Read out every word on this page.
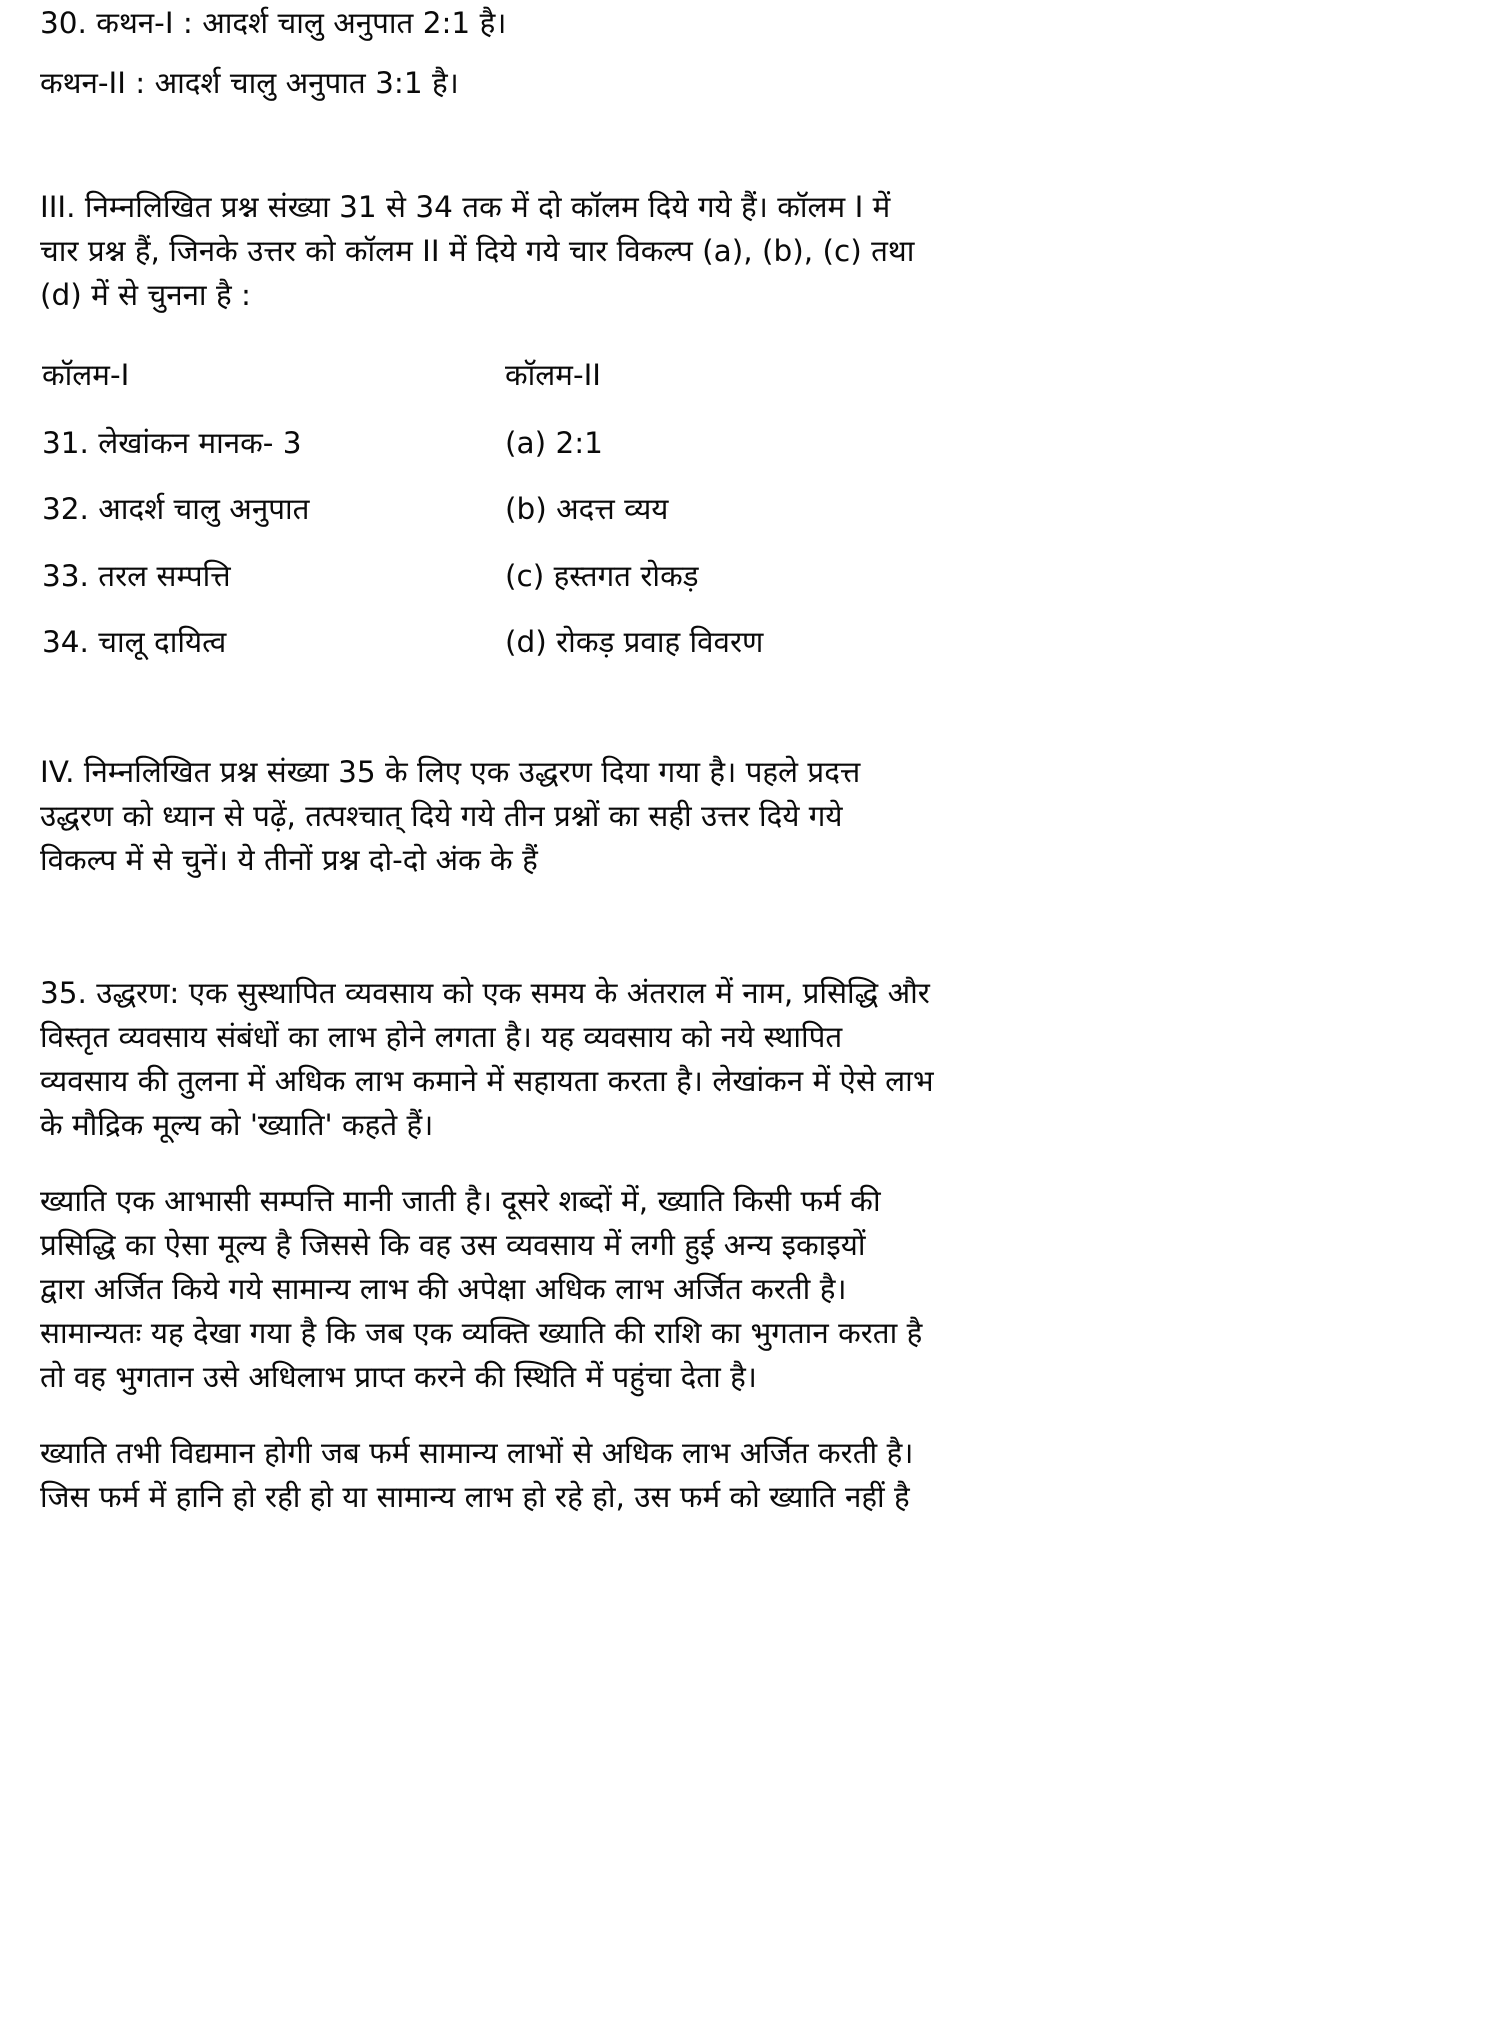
30. कथन-I : आदर्श चालु अनुपात 2:1 है।
कथन-II : आदर्श चालु अनुपात 3:1 है।
III. निम्नलिखित प्रश्न संख्या 31 से 34 तक में दो कॉलम दिये गये हैं। कॉलम I में
चार प्रश्न हैं, जिनके उत्तर को कॉलम II में दिये गये चार विकल्प (a), (b), (c) तथा
(d) में से चुनना है :
कॉलम-I	कॉलम-II
31. लेखांकन मानक- 3	(a) 2:1
32. आदर्श चालु अनुपात	(b) अदत्त व्यय
33. तरल सम्पत्ति	(c) हस्तगत रोकड़
34. चालू दायित्व	(d) रोकड़ प्रवाह विवरण
IV. निम्नलिखित प्रश्न संख्या 35 के लिए एक उद्धरण दिया गया है। पहले प्रदत्त
उद्धरण को ध्यान से पढ़ें, तत्पश्चात् दिये गये तीन प्रश्नों का सही उत्तर दिये गये
विकल्प में से चुनें। ये तीनों प्रश्न दो-दो अंक के हैं
35. उद्धरण: एक सुस्थापित व्यवसाय को एक समय के अंतराल में नाम, प्रसिद्धि और
विस्तृत व्यवसाय संबंधों का लाभ होने लगता है। यह व्यवसाय को नये स्थापित
व्यवसाय की तुलना में अधिक लाभ कमाने में सहायता करता है। लेखांकन में ऐसे लाभ
के मौद्रिक मूल्य को 'ख्याति' कहते हैं।
ख्याति एक आभासी सम्पत्ति मानी जाती है। दूसरे शब्दों में, ख्याति किसी फर्म की
प्रसिद्धि का ऐसा मूल्य है जिससे कि वह उस व्यवसाय में लगी हुई अन्य इकाइयों
द्वारा अर्जित किये गये सामान्य लाभ की अपेक्षा अधिक लाभ अर्जित करती है।
सामान्यतः यह देखा गया है कि जब एक व्यक्ति ख्याति की राशि का भुगतान करता है
तो वह भुगतान उसे अधिलाभ प्राप्त करने की स्थिति में पहुंचा देता है।
ख्याति तभी विद्यमान होगी जब फर्म सामान्य लाभों से अधिक लाभ अर्जित करती है।
जिस फर्म में हानि हो रही हो या सामान्य लाभ हो रहे हो, उस फर्म को ख्याति नहीं है
